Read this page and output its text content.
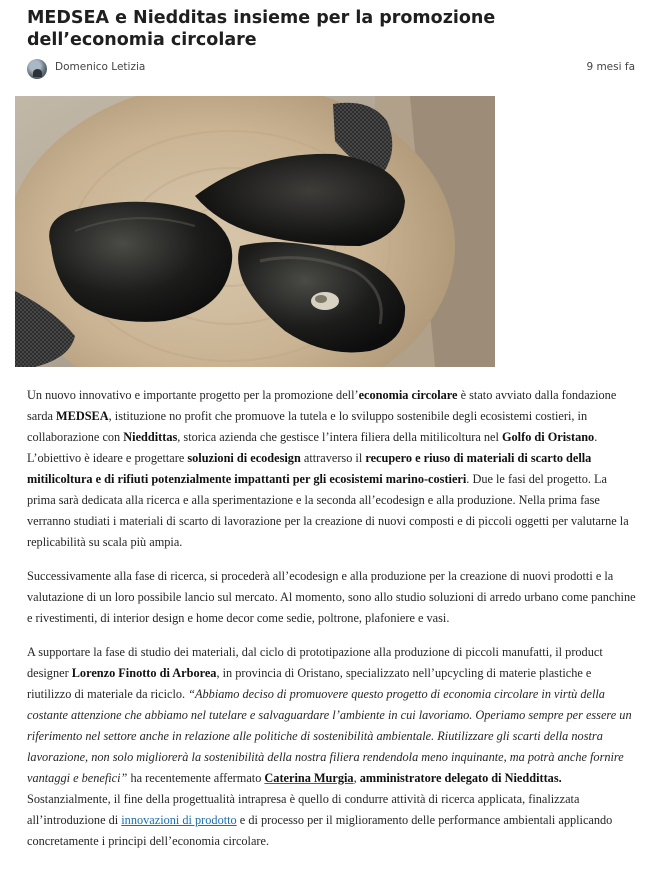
MEDSEA e Niedditas insieme per la promozione dell’economia circolare
Domenico Letizia	9 mesi fa

Un nuovo innovativo e importante progetto per la promozione dell’economia circolare è stato avviato dalla fondazione sarda MEDSEA, istituzione no profit che promuove la tutela e lo sviluppo sostenibile degli ecosistemi costieri, in collaborazione con Nieddittas, storica azienda che gestisce l’intera filiera della mitilicoltura nel Golfo di Oristano. L’obiettivo è ideare e progettare soluzioni di ecodesign attraverso il recupero e riuso di materiali di scarto della mitilicoltura e di rifiuti potenzialmente impattanti per gli ecosistemi marino-costieri. Due le fasi del progetto. La prima sarà dedicata alla ricerca e alla sperimentazione e la seconda all’ecodesign e alla produzione. Nella prima fase verranno studiati i materiali di scarto di lavorazione per la creazione di nuovi composti e di piccoli oggetti per valutarne la replicabilità su scala più ampia.

Successivamente alla fase di ricerca, si procederà all’ecodesign e alla produzione per la creazione di nuovi prodotti e la valutazione di un loro possibile lancio sul mercato. Al momento, sono allo studio soluzioni di arredo urbano come panchine e rivestimenti, di interior design e home decor come sedie, poltrone, plafoniere e vasi.

A supportare la fase di studio dei materiali, dal ciclo di prototipazione alla produzione di piccoli manufatti, il product designer Lorenzo Finotto di Arborea, in provincia di Oristano, specializzato nell’upcycling di materie plastiche e riutilizzo di materiale da riciclo. “Abbiamo deciso di promuovere questo progetto di economia circolare in virtù della costante attenzione che abbiamo nel tutelare e salvaguardare l’ambiente in cui lavoriamo. Operiamo sempre per essere un riferimento nel settore anche in relazione alle politiche di sostenibilità ambientale. Riutilizzare gli scarti della nostra lavorazione, non solo migliorerà la sostenibilità della nostra filiera rendendola meno inquinante, ma potrà anche fornire vantaggi e benefici” ha recentemente affermato Caterina Murgia, amministratore delegato di Nieddittas. Sostanzialmente, il fine della progettualità intrapresa è quello di condurre attività di ricerca applicata, finalizzata all’introduzione di innovazioni di prodotto e di processo per il miglioramento delle performance ambientali applicando concretamente i principi dell’economia circolare.
